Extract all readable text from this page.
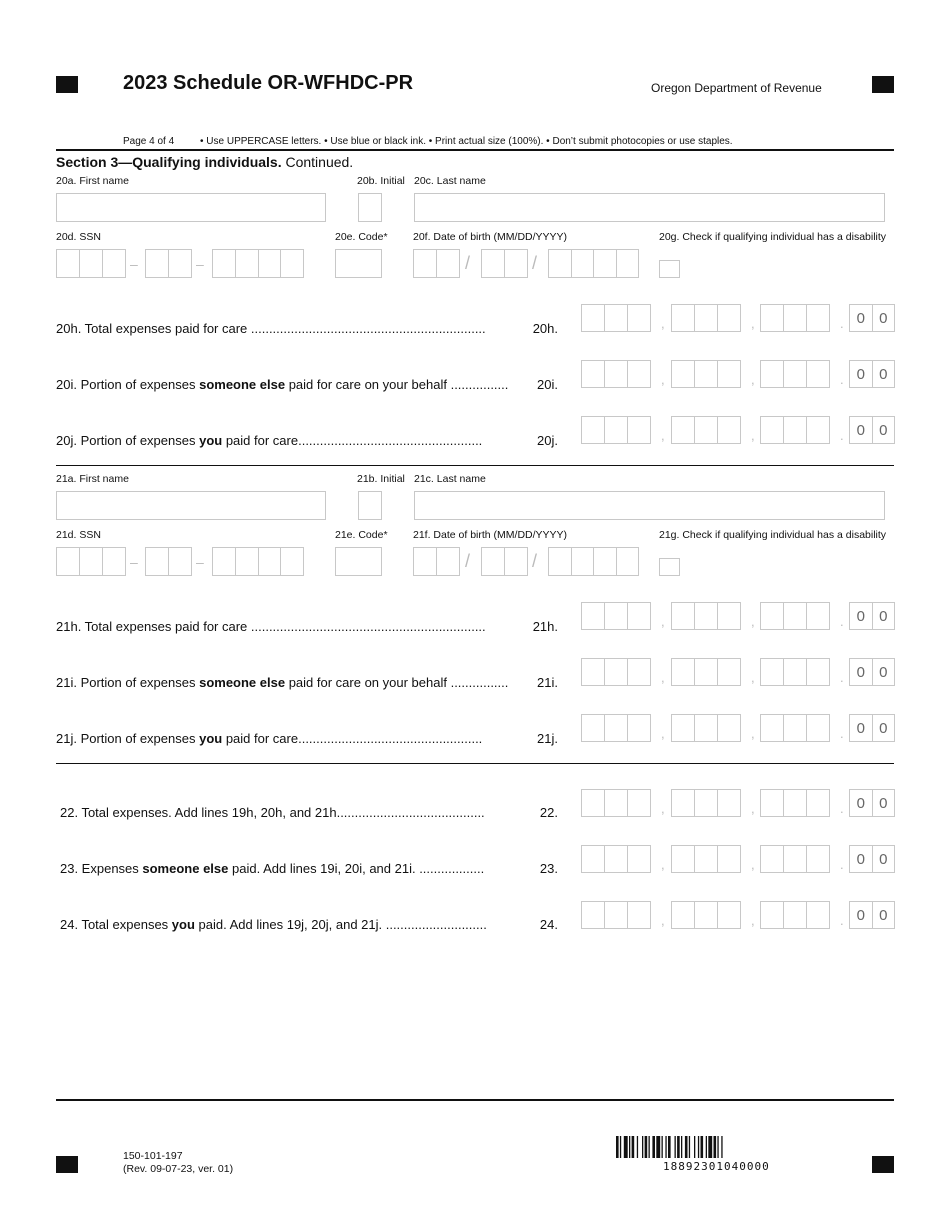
2023 Schedule OR-WFHDC-PR	Oregon Department of Revenue
Page 4 of 4	• Use UPPERCASE letters. • Use blue or black ink. • Print actual size (100%). • Don’t submit photocopies or use staples.
Section 3—Qualifying individuals. Continued.
20a. First name	20b. Initial 20c. Last name
20d. SSN	20e. Code* 20f. Date of birth (MM/DD/YYYY)	20g. Check if qualifying individual has a disability
–	–	/	/
20h. Total expenses paid for care .................................................................	20h.	,	,	. 0 0
20i. Portion of expenses someone else paid for care on your behalf ................	20i.	,	,	. 0 0
20j. Portion of expenses you paid for care...................................................	20j.	,	,	. 0 0
21a. First name	21b. Initial 21c. Last name
21d. SSN	21e. Code* 21f. Date of birth (MM/DD/YYYY)	21g. Check if qualifying individual has a disability
–	–	/	/
21h. Total expenses paid for care .................................................................	21h.	,	,	. 0 0
21i. Portion of expenses someone else paid for care on your behalf ................	21i.	,	,	. 0 0
21j. Portion of expenses you paid for care...................................................	21j.	,	,	. 0 0
22. Total expenses. Add lines 19h, 20h, and 21h.........................................	22.	,	,	. 0 0
23. Expenses someone else paid. Add lines 19i, 20i, and 21i. ..................	23.	,	,	. 0 0
24. Total expenses you paid. Add lines 19j, 20j, and 21j. ............................	24.	,	,	. 0 0
150-101-197
(Rev. 09-07-23, ver. 01)	18892301040000
